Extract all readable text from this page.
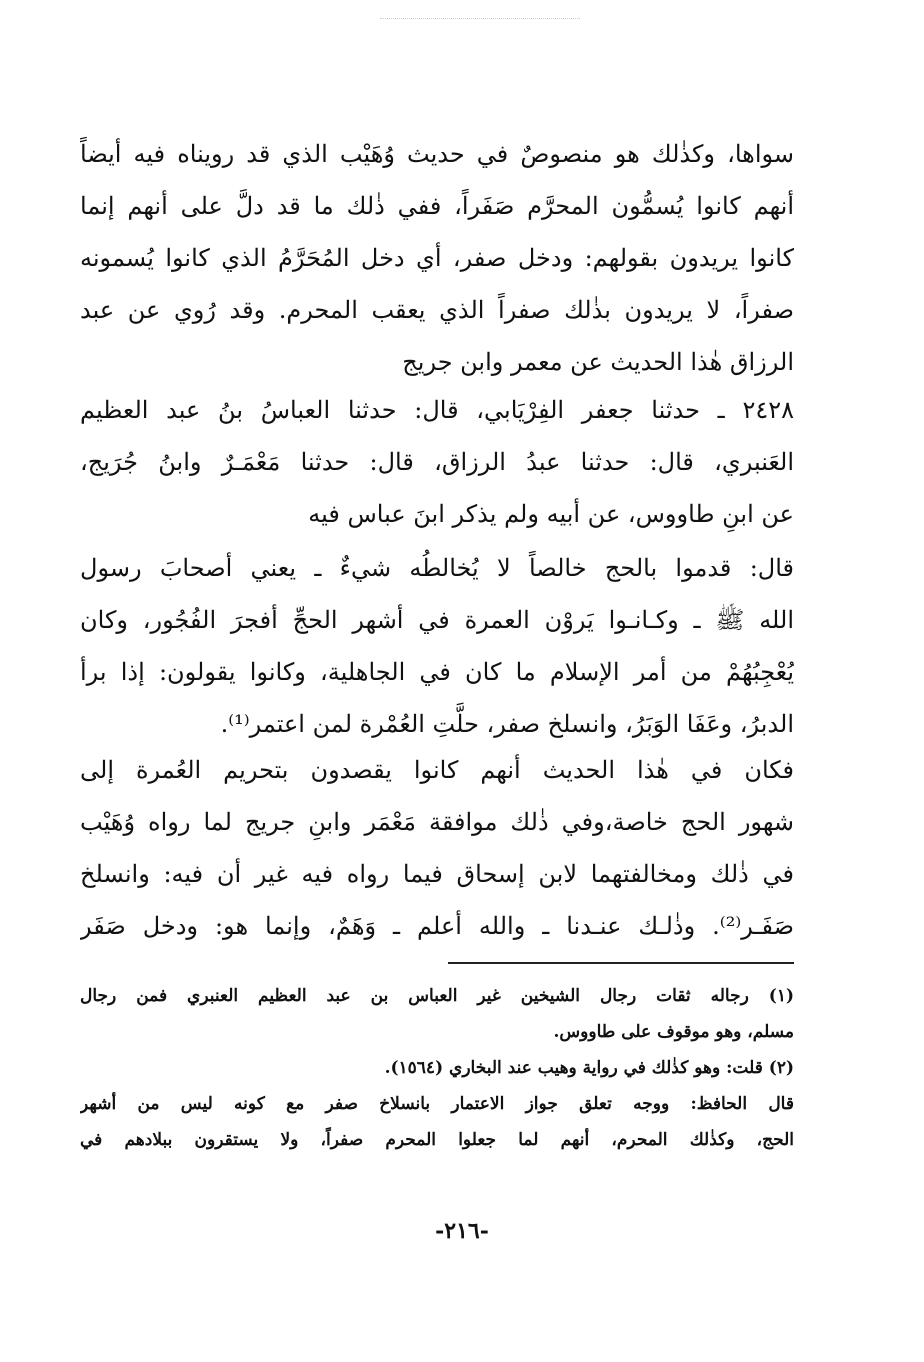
سواها، وكذٰلك هو منصوصٌ في حديث وُهَيْب الذي قد رويناه فيه أيضاً
أنهم كانوا يُسمُّون المحرَّم صَفَراً، ففي ذٰلك ما قد دلَّ على أنهم إنما
كانوا يريدون بقولهم: ودخل صفر، أي دخل المُحَرَّمُ الذي كانوا يُسمونه
صفراً، لا يريدون بذٰلك صفراً الذي يعقب المحرم. وقد رُوي عن عبد
الرزاق هٰذا الحديث عن معمر وابن جريج
٢٤٢٨ ـ حدثنا جعفر الفِرْيَابي، قال: حدثنا العباسُ بنُ عبد العظيم
العَنبري، قال: حدثنا عبدُ الرزاق، قال: حدثنا مَعْمَـرٌ وابنُ جُرَيج،
عن ابنِ طاووس، عن أبيه ولم يذكر ابنَ عباس فيه
قال: قدموا بالحج خالصاً لا يُخالطُه شيءٌ ـ يعني أصحابَ رسول
الله ﷺ ـ وكـانـوا يَروْن العمرة في أشهر الحجِّ أفجرَ الفُجُور، وكان
يُعْجِبُهُمْ من أمر الإسلام ما كان في الجاهلية، وكانوا يقولون: إذا برأ
الدبرُ، وعَفَا الوَبَرُ، وانسلخ صفر، حلَّتِ العُمْرة لمن اعتمر⁽¹⁾.
فكان في هٰذا الحديث أنهم كانوا يقصدون بتحريم العُمرة إلى
شهور الحج خاصة،وفي ذٰلك موافقة مَعْمَر وابنِ جريج لما رواه وُهَيْب
في ذٰلك ومخالفتهما لابن إسحاق فيما رواه فيه غير أن فيه: وانسلخ
صَفَـر⁽²⁾. وذٰلـك عنـدنا ـ والله أعلم ـ وَهَمٌ، وإنما هو: ودخل صَفَر
(١) رجاله ثقات رجال الشيخين غير العباس بن عبد العظيم العنبري فمن رجال
مسلم، وهو موقوف على طاووس.
(٢) قلت: وهو كذٰلك في رواية وهيب عند البخاري (١٥٦٤).
قال الحافظ: ووجه تعلق جواز الاعتمار بانسلاخ صفر مع كونه ليس من أشهر
الحج، وكذٰلك المحرم، أنهم لما جعلوا المحرم صفراً، ولا يستقرون ببلادهم في
-٢١٦-
